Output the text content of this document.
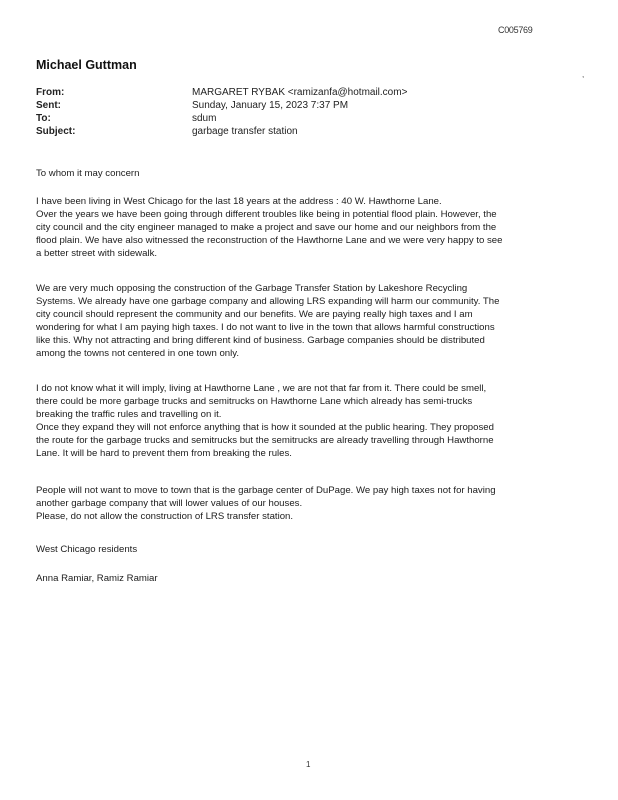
C005769
Michael Guttman
,
From:	MARGARET RYBAK <ramizanfa@hotmail.com>
Sent:	Sunday, January 15, 2023 7:37 PM
To:	sdum
Subject:	garbage transfer station

To whom it may concern

I have been living in West Chicago for the last 18 years at the address : 40 W. Hawthorne Lane.
Over the years we have been going through different troubles like being in potential flood plain. However, the
city council and the city engineer managed to make a project and save our home and our neighbors from the
flood plain. We have also witnessed the reconstruction of the Hawthorne Lane and we were very happy to see
a better street with sidewalk.

We are very much opposing the construction of the Garbage Transfer Station by Lakeshore Recycling
Systems. We already have one garbage company and allowing LRS expanding will harm our community. The
city council should represent the community and our benefits. We are paying really high taxes and I am
wondering for what I am paying high taxes. I do not want to live in the town that allows harmful constructions
like this. Why not attracting and bring different kind of business. Garbage companies should be distributed
among the towns not centered in one town only.

I do not know what it will imply, living at Hawthorne Lane , we are not that far from it. There could be smell,
there could be more garbage trucks and semitrucks on Hawthorne Lane which already has semi-trucks
breaking the traffic rules and travelling on it.
Once they expand they will not enforce anything that is how it sounded at the public hearing. They proposed
the route for the garbage trucks and semitrucks but the semitrucks are already travelling through Hawthorne
Lane. It will be hard to prevent them from breaking the rules.

People will not want to move to town that is the garbage center of DuPage. We pay high taxes not for having
another garbage company that will lower values of our houses.
Please, do not allow the construction of LRS transfer station.

West Chicago residents

Anna Ramiar, Ramiz Ramiar

1
